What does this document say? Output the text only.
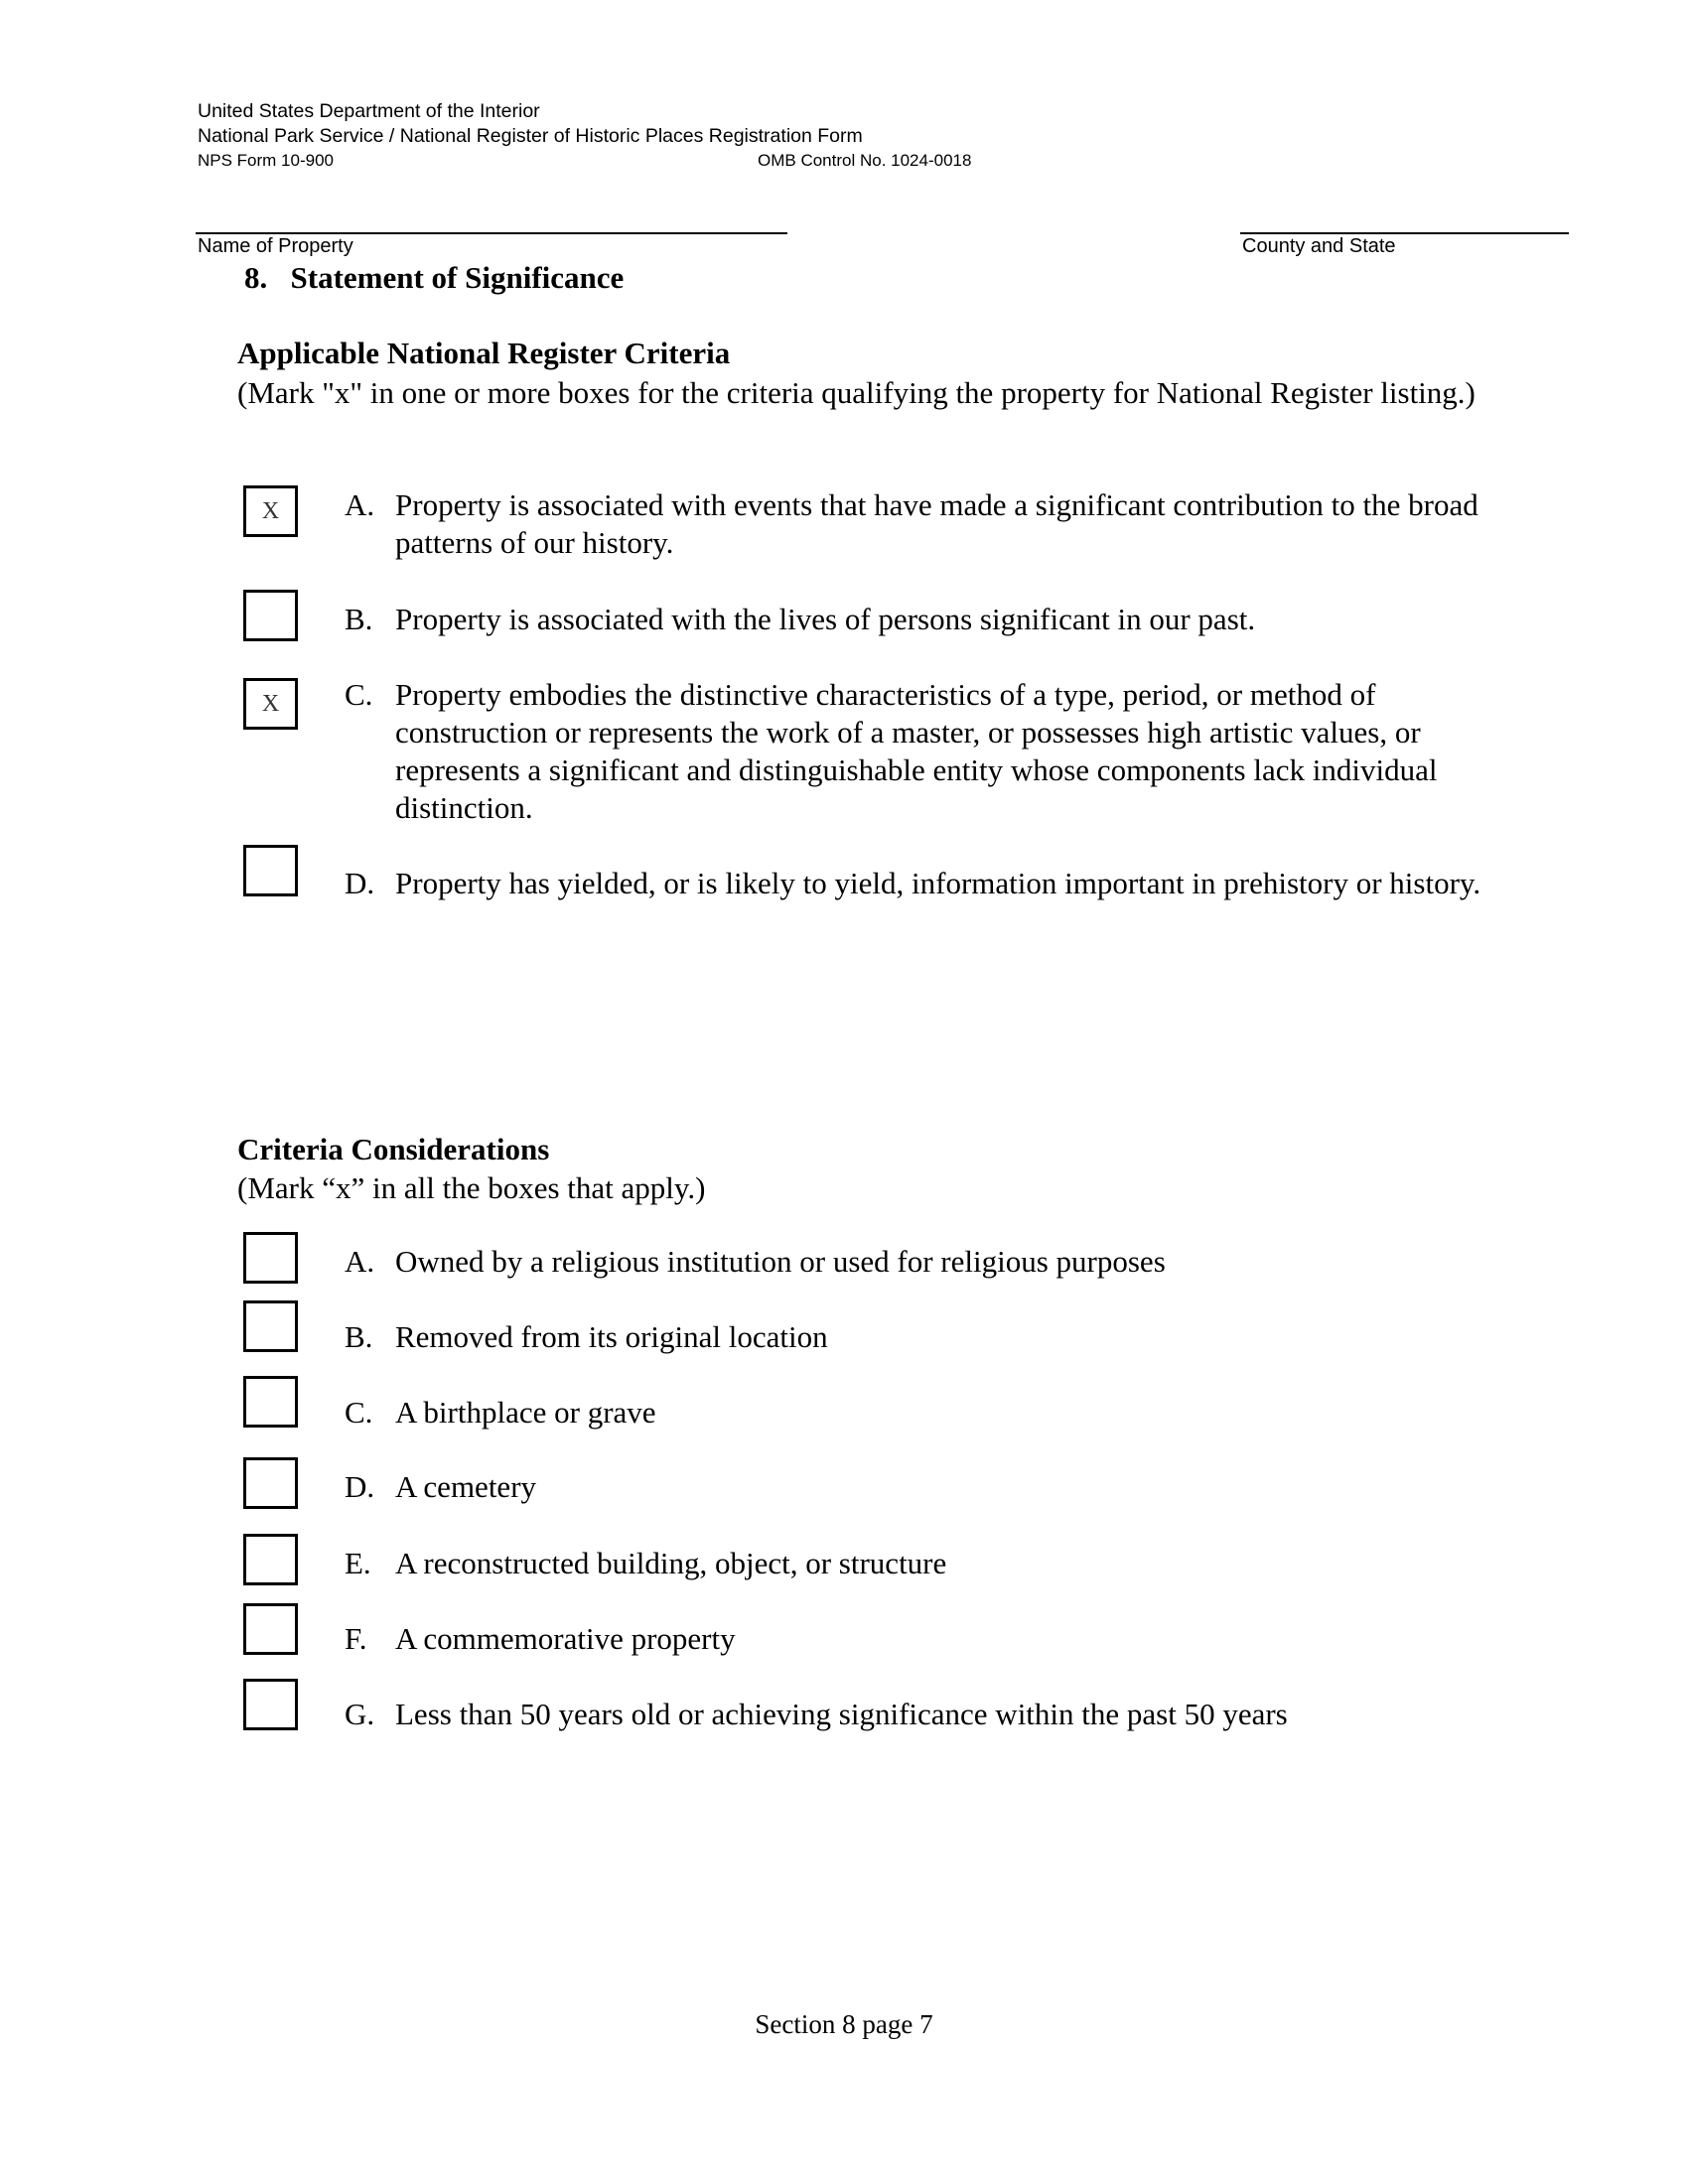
United States Department of the Interior
National Park Service / National Register of Historic Places Registration Form
NPS Form 10-900	OMB Control No. 1024-0018
Name of Property	County and State
8.   Statement of Significance
Applicable National Register Criteria
(Mark "x" in one or more boxes for the criteria qualifying the property for National Register listing.)
X	A. Property is associated with events that have made a significant contribution to the broad patterns of our history.
B. Property is associated with the lives of persons significant in our past.
X	C. Property embodies the distinctive characteristics of a type, period, or method of construction or represents the work of a master, or possesses high artistic values, or represents a significant and distinguishable entity whose components lack individual distinction.
D. Property has yielded, or is likely to yield, information important in prehistory or history.
Criteria Considerations
(Mark “x” in all the boxes that apply.)
A. Owned by a religious institution or used for religious purposes
B. Removed from its original location
C. A birthplace or grave
D. A cemetery
E. A reconstructed building, object, or structure
F. A commemorative property
G. Less than 50 years old or achieving significance within the past 50 years
Section 8 page 7
